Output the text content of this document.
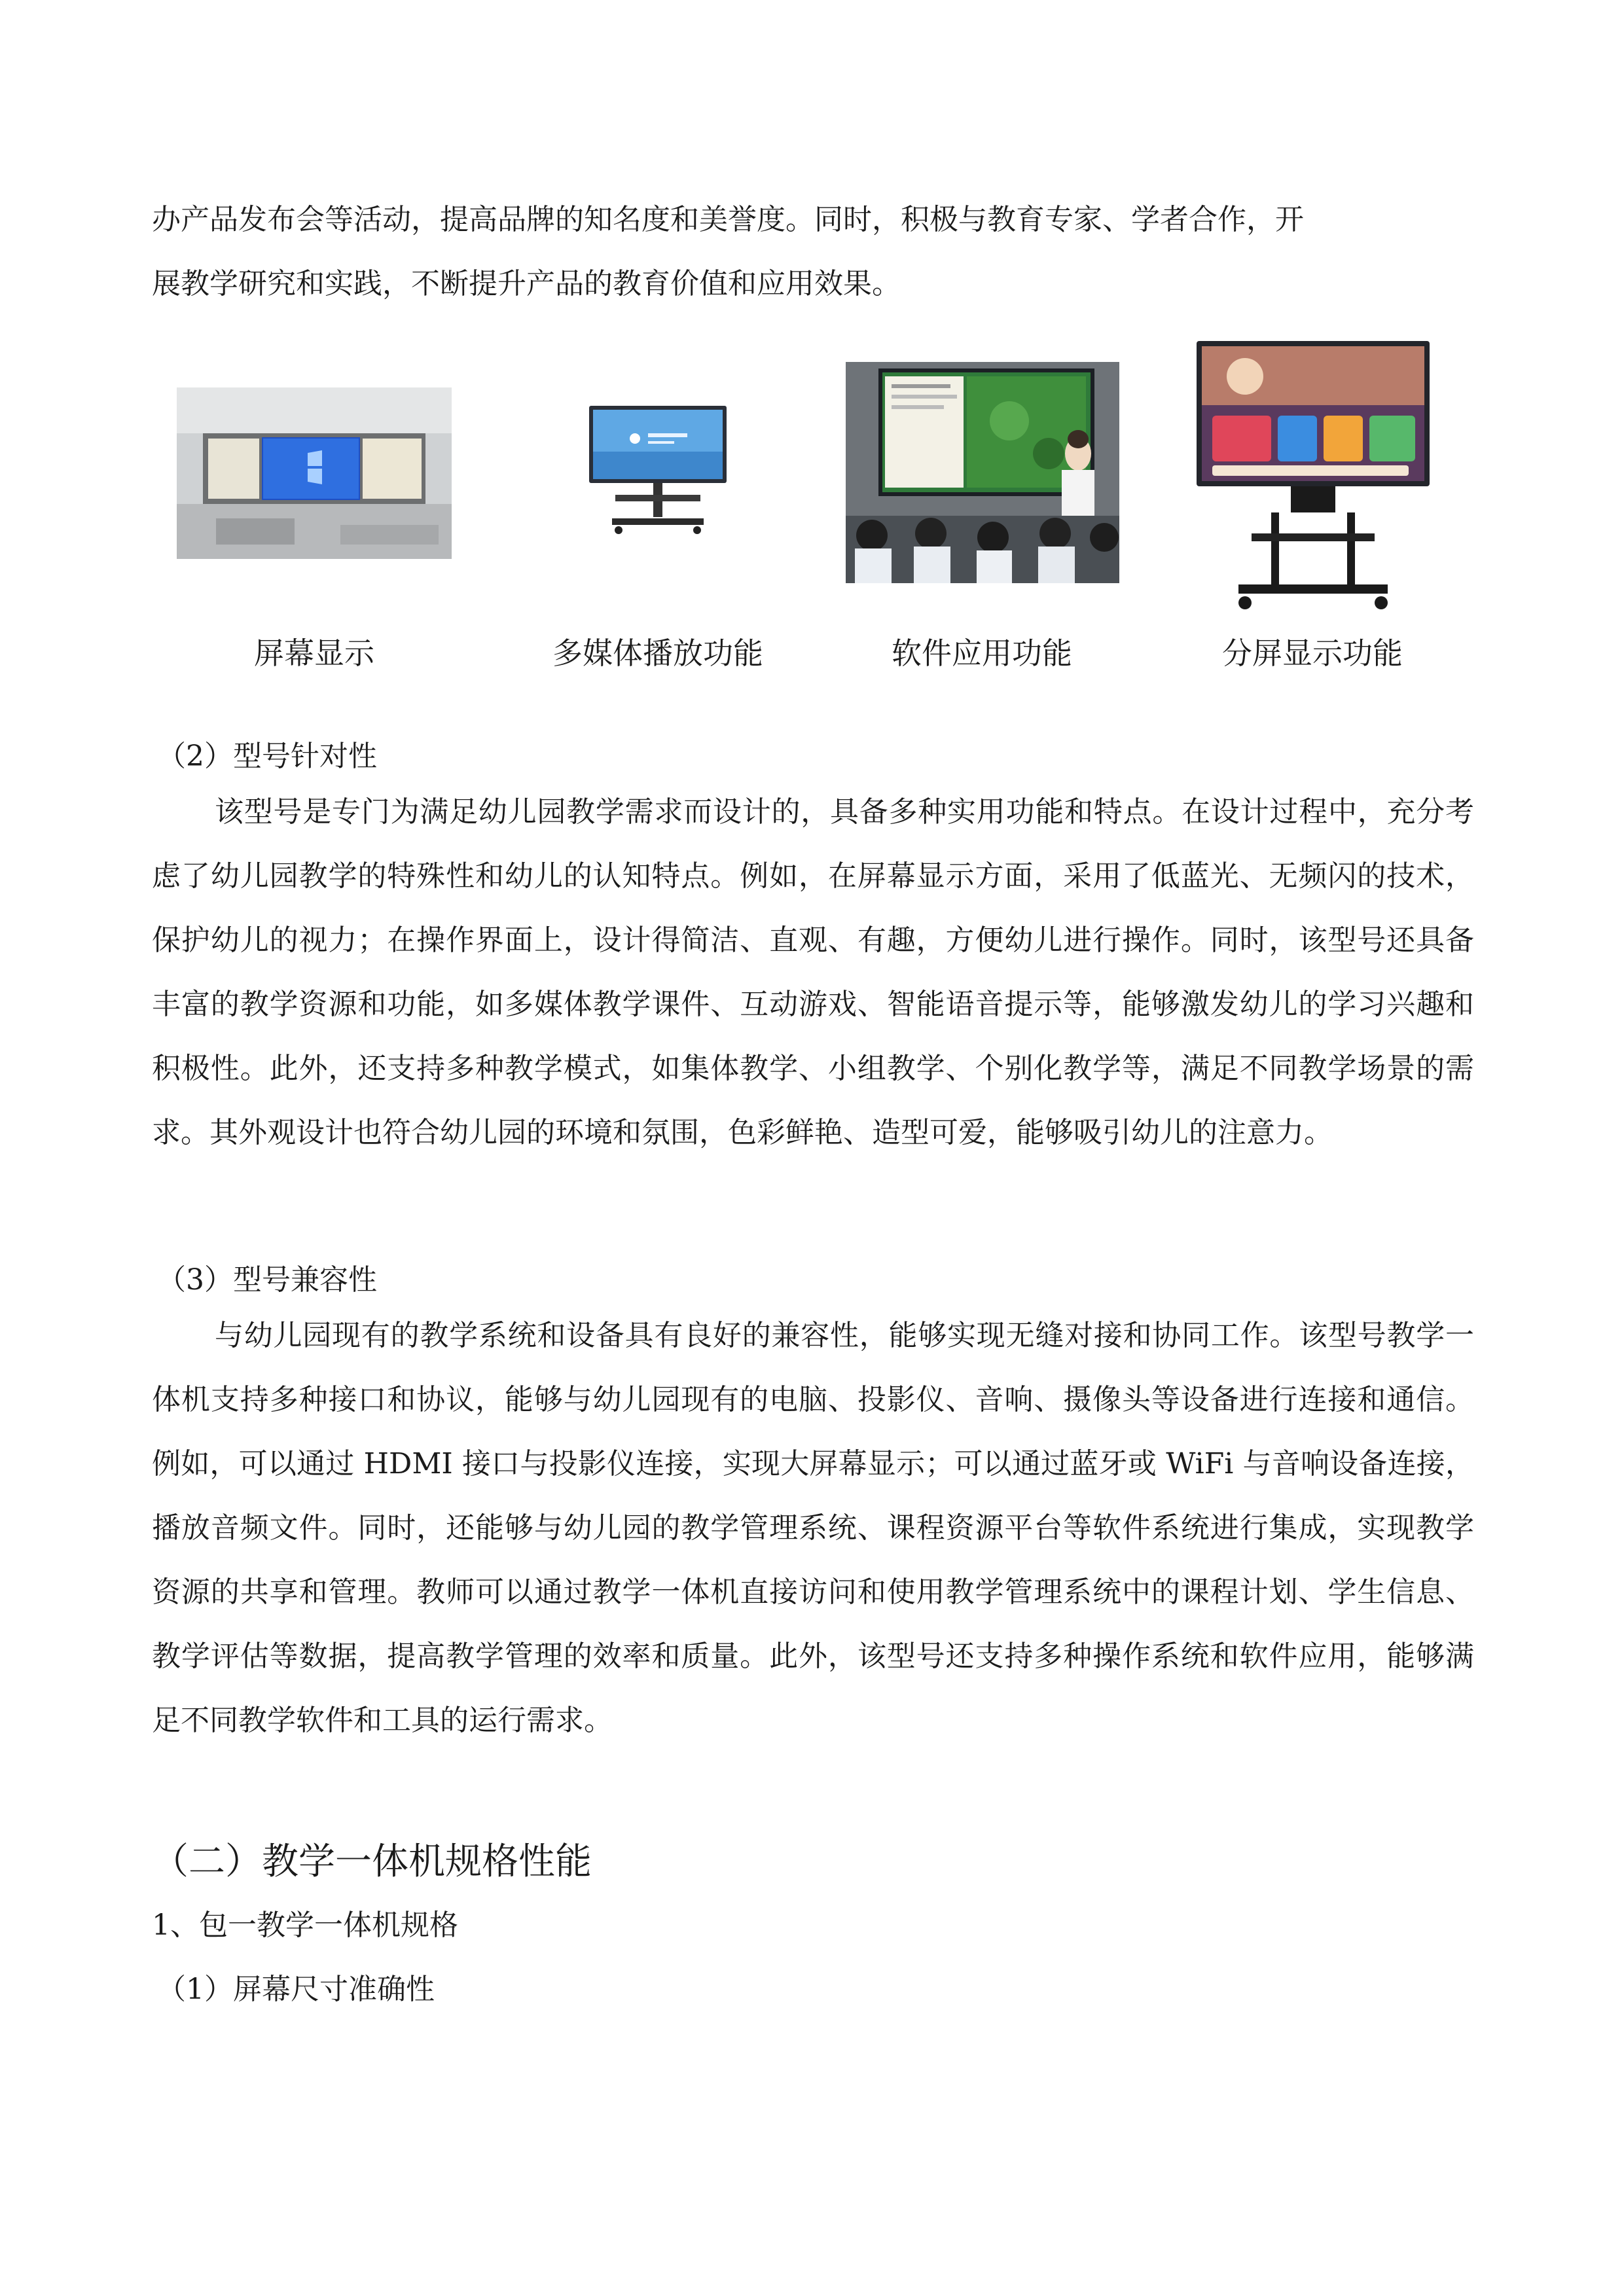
办产品发布会等活动，提高品牌的知名度和美誉度。同时，积极与教育专家、学者合作，开

展教学研究和实践，不断提升产品的教育价值和应用效果。

屏幕显示	多媒体播放功能	软件应用功能	分屏显示功能

（2）型号针对性

该型号是专门为满足幼儿园教学需求而设计的，具备多种实用功能和特点。在设计过程中，充分考虑了幼儿园教学的特殊性和幼儿的认知特点。例如，在屏幕显示方面，采用了低蓝光、无频闪的技术，保护幼儿的视力；在操作界面上，设计得简洁、直观、有趣，方便幼儿进行操作。同时，该型号还具备丰富的教学资源和功能，如多媒体教学课件、互动游戏、智能语音提示等，能够激发幼儿的学习兴趣和积极性。此外，还支持多种教学模式，如集体教学、小组教学、个别化教学等，满足不同教学场景的需求。其外观设计也符合幼儿园的环境和氛围，色彩鲜艳、造型可爱，能够吸引幼儿的注意力。

（3）型号兼容性

与幼儿园现有的教学系统和设备具有良好的兼容性，能够实现无缝对接和协同工作。该型号教学一体机支持多种接口和协议，能够与幼儿园现有的电脑、投影仪、音响、摄像头等设备进行连接和通信。例如，可以通过 HDMI 接口与投影仪连接，实现大屏幕显示；可以通过蓝牙或 WiFi 与音响设备连接，播放音频文件。同时，还能够与幼儿园的教学管理系统、课程资源平台等软件系统进行集成，实现教学资源的共享和管理。教师可以通过教学一体机直接访问和使用教学管理系统中的课程计划、学生信息、教学评估等数据，提高教学管理的效率和质量。此外，该型号还支持多种操作系统和软件应用，能够满足不同教学软件和工具的运行需求。

（二）教学一体机规格性能

1、包一教学一体机规格

（1）屏幕尺寸准确性
